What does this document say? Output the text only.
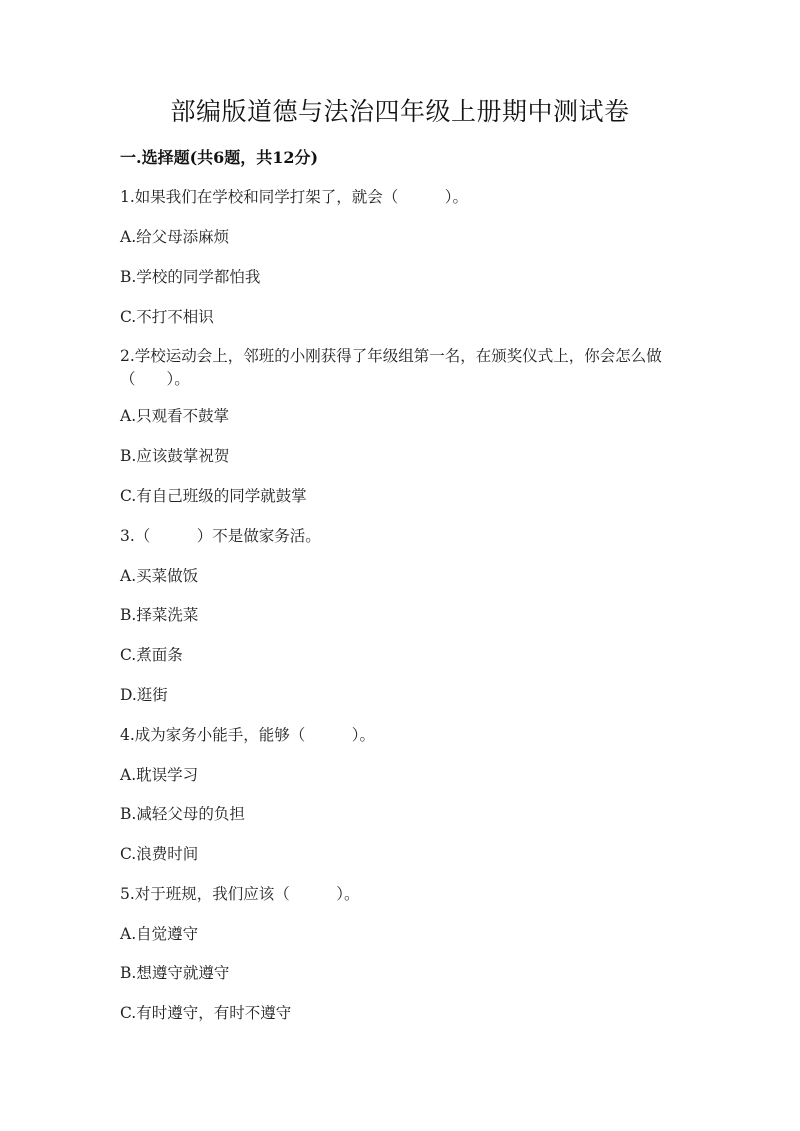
部编版道德与法治四年级上册期中测试卷
一.选择题(共6题，共12分)
1.如果我们在学校和同学打架了，就会（　　　）。
A.给父母添麻烦
B.学校的同学都怕我
C.不打不相识
2.学校运动会上，邻班的小刚获得了年级组第一名，在颁奖仪式上，你会怎么做（　　）。
A.只观看不鼓掌
B.应该鼓掌祝贺
C.有自己班级的同学就鼓掌
3.（　　　）不是做家务活。
A.买菜做饭
B.择菜洗菜
C.煮面条
D.逛街
4.成为家务小能手，能够（　　　）。
A.耽误学习
B.减轻父母的负担
C.浪费时间
5.对于班规，我们应该（　　　）。
A.自觉遵守
B.想遵守就遵守
C.有时遵守，有时不遵守
